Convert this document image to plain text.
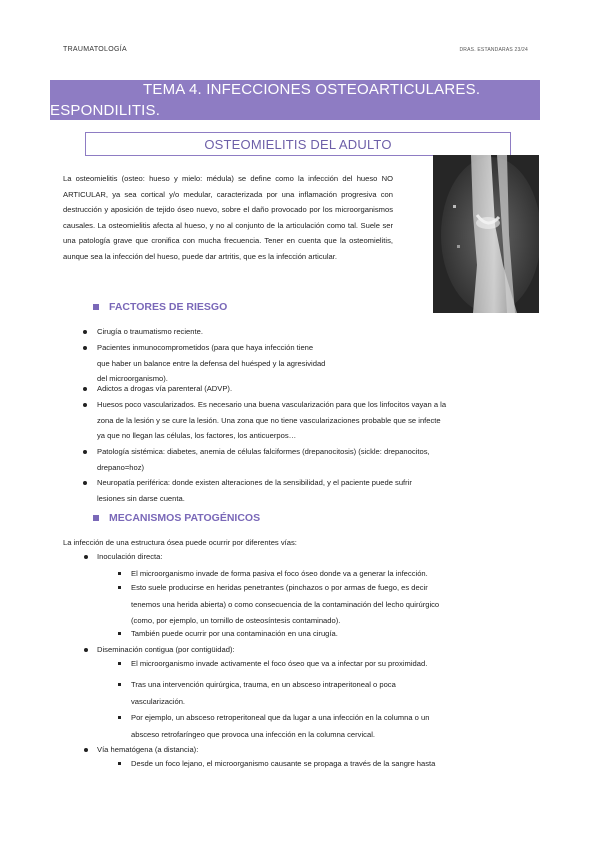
TRAUMATOLOGÍA	DRAS. ESTANDARAS 23/24
TEMA 4. INFECCIONES OSTEOARTICULARES.
ESPONDILITIS.
OSTEOMIELITIS DEL ADULTO
La osteomielitis (osteo: hueso y mielo: médula) se define como la infección del hueso NO ARTICULAR, ya sea cortical y/o medular, caracterizada por una inflamación progresiva con destrucción y aposición de tejido óseo nuevo, sobre el daño provocado por los microorganismos causales. La osteomielitis afecta al hueso, y no al conjunto de la articulación como tal. Suele ser una patología grave que cronifica con mucha frecuencia. Tener en cuenta que la osteomielitis, aunque sea la infección del hueso, puede dar artritis, que es la infección articular.
FACTORES DE RIESGO
Cirugía o traumatismo reciente.
Pacientes inmunocomprometidos (para que haya infección tiene
que haber un balance entre la defensa del huésped y la agresividad
del microorganismo).
Adictos a drogas vía parenteral (ADVP).
Huesos poco vascularizados. Es necesario una buena vascularización para que los linfocitos vayan a la
zona de la lesión y se cure la lesión. Una zona que no tiene vascularizaciones probable que se infecte
ya que no llegan las células, los factores, los anticuerpos…
Patología sistémica: diabetes, anemia de células falciformes (drepanocitosis) (sickle: drepanocitos,
drepano=hoz)
Neuropatía periférica: donde existen alteraciones de la sensibilidad, y el paciente puede sufrir
lesiones sin darse cuenta.
MECANISMOS PATOGÉNICOS
La infección de una estructura ósea puede ocurrir por diferentes vías:
Inoculación directa:
El microorganismo invade de forma pasiva el foco óseo donde va a generar la infección.
Esto suele producirse en heridas penetrantes (pinchazos o por armas de fuego, es decir
tenemos una herida abierta) o como consecuencia de la contaminación del lecho quirúrgico
(como, por ejemplo, un tornillo de osteosíntesis contaminado).
También puede ocurrir por una contaminación en una cirugía.
Diseminación contigua (por contigüidad):
El microorganismo invade activamente el foco óseo que va a infectar por su proximidad.
Tras una intervención quirúrgica, trauma, en un absceso intraperitoneal o poca
vascularización.
Por ejemplo, un absceso retroperitoneal que da lugar a una infección en la columna o un
absceso retrofaríngeo que provoca una infección en la columna cervical.
Vía hematógena (a distancia):
Desde un foco lejano, el microorganismo causante se propaga a través de la sangre hasta
